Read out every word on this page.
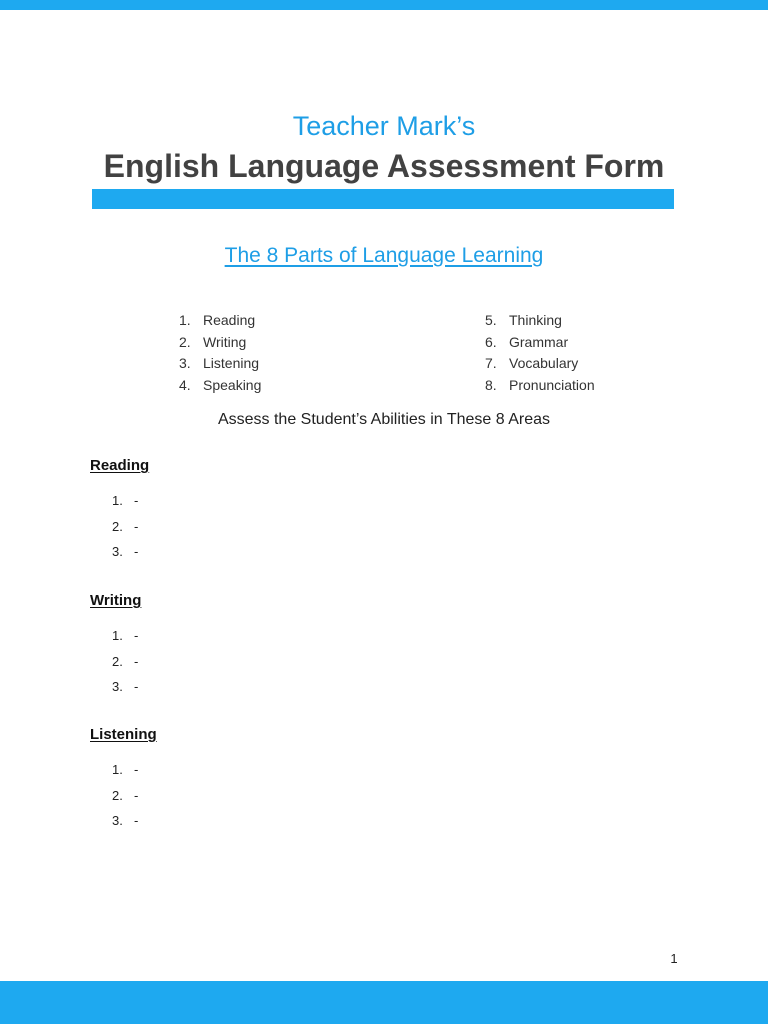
Teacher Mark’s
English Language Assessment Form
The 8 Parts of Language Learning
1. Reading
2. Writing
3. Listening
4. Speaking
5. Thinking
6. Grammar
7. Vocabulary
8. Pronunciation
Assess the Student’s Abilities in These 8 Areas

Reading

1. -
2. -
3. -

Writing

1. -
2. -
3. -

Listening

1. -
2. -
3. -
1
